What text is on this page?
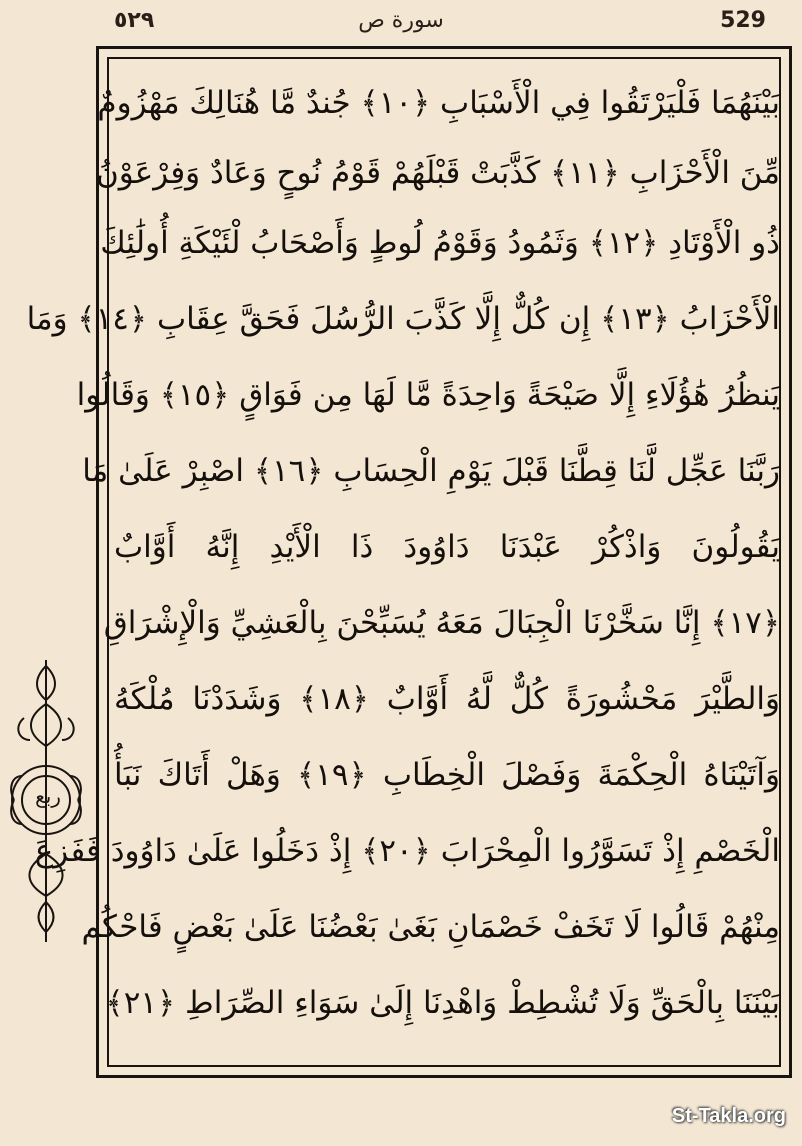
٥٢٩	سورة ص	529
بَيْنَهُمَا فَلْيَرْتَقُوا فِي الْأَسْبَابِ ﴿١٠﴾ جُندٌ مَّا هُنَالِكَ مَهْزُومٌ
مِّنَ الْأَحْزَابِ ﴿١١﴾ كَذَّبَتْ قَبْلَهُمْ قَوْمُ نُوحٍ وَعَادٌ وَفِرْعَوْنُ
ذُو الْأَوْتَادِ ﴿١٢﴾ وَثَمُودُ وَقَوْمُ لُوطٍ وَأَصْحَابُ لْئَيْكَةِ أُولَٰئِكَ
الْأَحْزَابُ ﴿١٣﴾ إِن كُلٌّ إِلَّا كَذَّبَ الرُّسُلَ فَحَقَّ عِقَابِ ﴿١٤﴾ وَمَا
يَنظُرُ هَٰؤُلَاءِ إِلَّا صَيْحَةً وَاحِدَةً مَّا لَهَا مِن فَوَاقٍ ﴿١٥﴾ وَقَالُوا
رَبَّنَا عَجِّل لَّنَا قِطَّنَا قَبْلَ يَوْمِ الْحِسَابِ ﴿١٦﴾ اصْبِرْ عَلَىٰ مَا
يَقُولُونَ وَاذْكُرْ عَبْدَنَا دَاوُودَ ذَا الْأَيْدِ إِنَّهُ أَوَّابٌ
﴿١٧﴾ إِنَّا سَخَّرْنَا الْجِبَالَ مَعَهُ يُسَبِّحْنَ بِالْعَشِيِّ وَالْإِشْرَاقِ
وَالطَّيْرَ مَحْشُورَةً كُلٌّ لَّهُ أَوَّابٌ ﴿١٨﴾ وَشَدَدْنَا مُلْكَهُ
وَآتَيْنَاهُ الْحِكْمَةَ وَفَصْلَ الْخِطَابِ ﴿١٩﴾ وَهَلْ أَتَاكَ نَبَأُ
الْخَصْمِ إِذْ تَسَوَّرُوا الْمِحْرَابَ ﴿٢٠﴾ إِذْ دَخَلُوا عَلَىٰ دَاوُودَ فَفَزِعَ
مِنْهُمْ قَالُوا لَا تَخَفْ خَصْمَانِ بَغَىٰ بَعْضُنَا عَلَىٰ بَعْضٍ فَاحْكُم
بَيْنَنَا بِالْحَقِّ وَلَا تُشْطِطْ وَاهْدِنَا إِلَىٰ سَوَاءِ الصِّرَاطِ ﴿٢١﴾
ربع
St-Takla.org
